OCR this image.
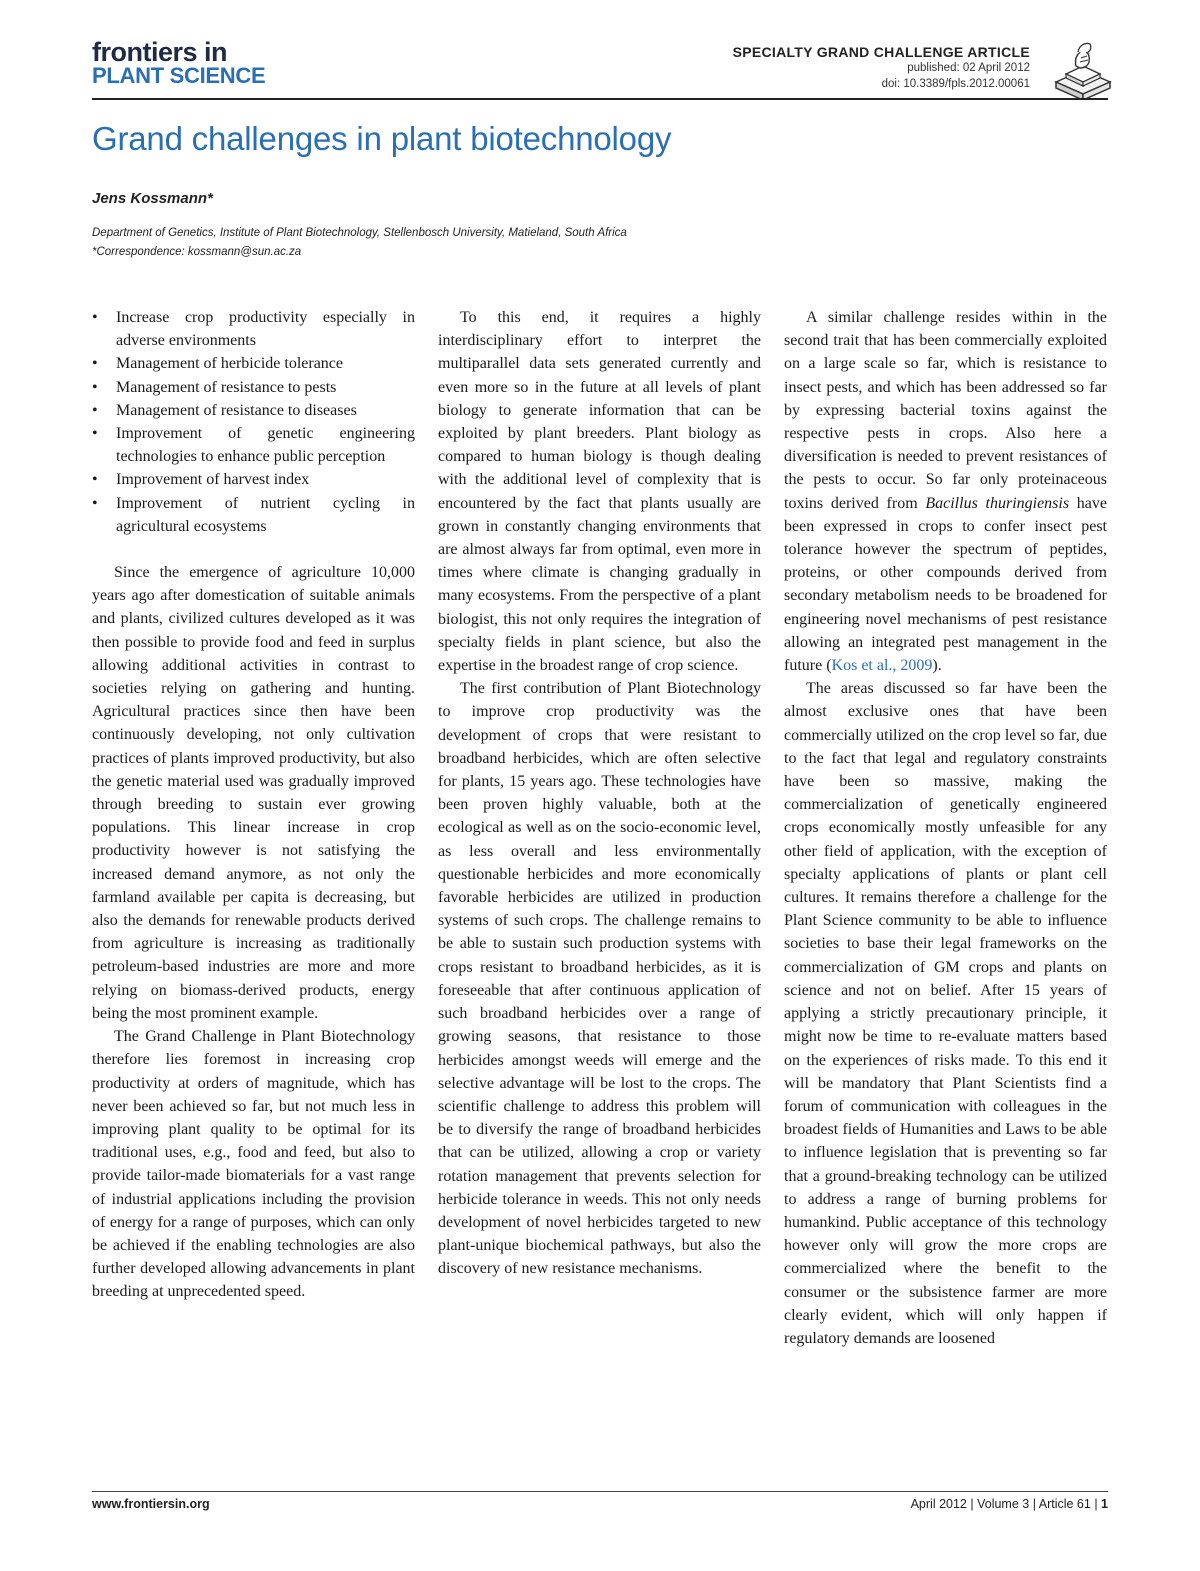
frontiers in
PLANT SCIENCE
SPECIALTY GRAND CHALLENGE ARTICLE
published: 02 April 2012
doi: 10.3389/fpls.2012.00061
Grand challenges in plant biotechnology
Jens Kossmann*
Department of Genetics, Institute of Plant Biotechnology, Stellenbosch University, Matieland, South Africa
*Correspondence: kossmann@sun.ac.za
• Increase crop productivity especially in adverse environments
• Management of herbicide tolerance
• Management of resistance to pests
• Management of resistance to diseases
• Improvement of genetic engineering technologies to enhance public perception
• Improvement of harvest index
• Improvement of nutrient cycling in agricultural ecosystems

Since the emergence of agriculture 10,000 years ago after domestication of suitable animals and plants, civilized cultures developed as it was then possible to provide food and feed in surplus allowing additional activities in contrast to societies relying on gathering and hunting. Agricultural practices since then have been continuously developing, not only cultivation practices of plants improved productivity, but also the genetic material used was gradually improved through breeding to sustain ever growing populations. This linear increase in crop productivity however is not satisfying the increased demand anymore, as not only the farmland available per capita is decreasing, but also the demands for renewable products derived from agriculture is increasing as traditionally petroleum-based industries are more and more relying on biomass-derived products, energy being the most prominent example.

The Grand Challenge in Plant Biotechnology therefore lies foremost in increasing crop productivity at orders of magnitude, which has never been achieved so far, but not much less in improving plant quality to be optimal for its traditional uses, e.g., food and feed, but also to provide tailor-made biomaterials for a vast range of industrial applications including the provision of energy for a range of purposes, which can only be achieved if the enabling technologies are also further developed allowing advancements in plant breeding at unprecedented speed.

To this end, it requires a highly interdisciplinary effort to interpret the multiparallel data sets generated currently and even more so in the future at all levels of plant biology to generate information that can be exploited by plant breeders. Plant biology as compared to human biology is though dealing with the additional level of complexity that is encountered by the fact that plants usually are grown in constantly changing environments that are almost always far from optimal, even more in times where climate is changing gradually in many ecosystems. From the perspective of a plant biologist, this not only requires the integration of specialty fields in plant science, but also the expertise in the broadest range of crop science.

The first contribution of Plant Biotechnology to improve crop productivity was the development of crops that were resistant to broadband herbicides, which are often selective for plants, 15 years ago. These technologies have been proven highly valuable, both at the ecological as well as on the socio-economic level, as less overall and less environmentally questionable herbicides and more economically favorable herbicides are utilized in production systems of such crops. The challenge remains to be able to sustain such production systems with crops resistant to broadband herbicides, as it is foreseeable that after continuous application of such broadband herbicides over a range of growing seasons, that resistance to those herbicides amongst weeds will emerge and the selective advantage will be lost to the crops. The scientific challenge to address this problem will be to diversify the range of broadband herbicides that can be utilized, allowing a crop or variety rotation management that prevents selection for herbicide tolerance in weeds. This not only needs development of novel herbicides targeted to new plant-unique biochemical pathways, but also the discovery of new resistance mechanisms.

A similar challenge resides within in the second trait that has been commercially exploited on a large scale so far, which is resistance to insect pests, and which has been addressed so far by expressing bacterial toxins against the respective pests in crops. Also here a diversification is needed to prevent resistances of the pests to occur. So far only proteinaceous toxins derived from Bacillus thuringiensis have been expressed in crops to confer insect pest tolerance however the spectrum of peptides, proteins, or other compounds derived from secondary metabolism needs to be broadened for engineering novel mechanisms of pest resistance allowing an integrated pest management in the future (Kos et al., 2009).

The areas discussed so far have been the almost exclusive ones that have been commercially utilized on the crop level so far, due to the fact that legal and regulatory constraints have been so massive, making the commercialization of genetically engineered crops economically mostly unfeasible for any other field of application, with the exception of specialty applications of plants or plant cell cultures. It remains therefore a challenge for the Plant Science community to be able to influence societies to base their legal frameworks on the commercialization of GM crops and plants on science and not on belief. After 15 years of applying a strictly precautionary principle, it might now be time to re-evaluate matters based on the experiences of risks made. To this end it will be mandatory that Plant Scientists find a forum of communication with colleagues in the broadest fields of Humanities and Laws to be able to influence legislation that is preventing so far that a ground-breaking technology can be utilized to address a range of burning problems for humankind. Public acceptance of this technology however only will grow the more crops are commercialized where the benefit to the consumer or the subsistence farmer are more clearly evident, which will only happen if regulatory demands are loosened

www.frontiersin.org	April 2012 | Volume 3 | Article 61 | 1
